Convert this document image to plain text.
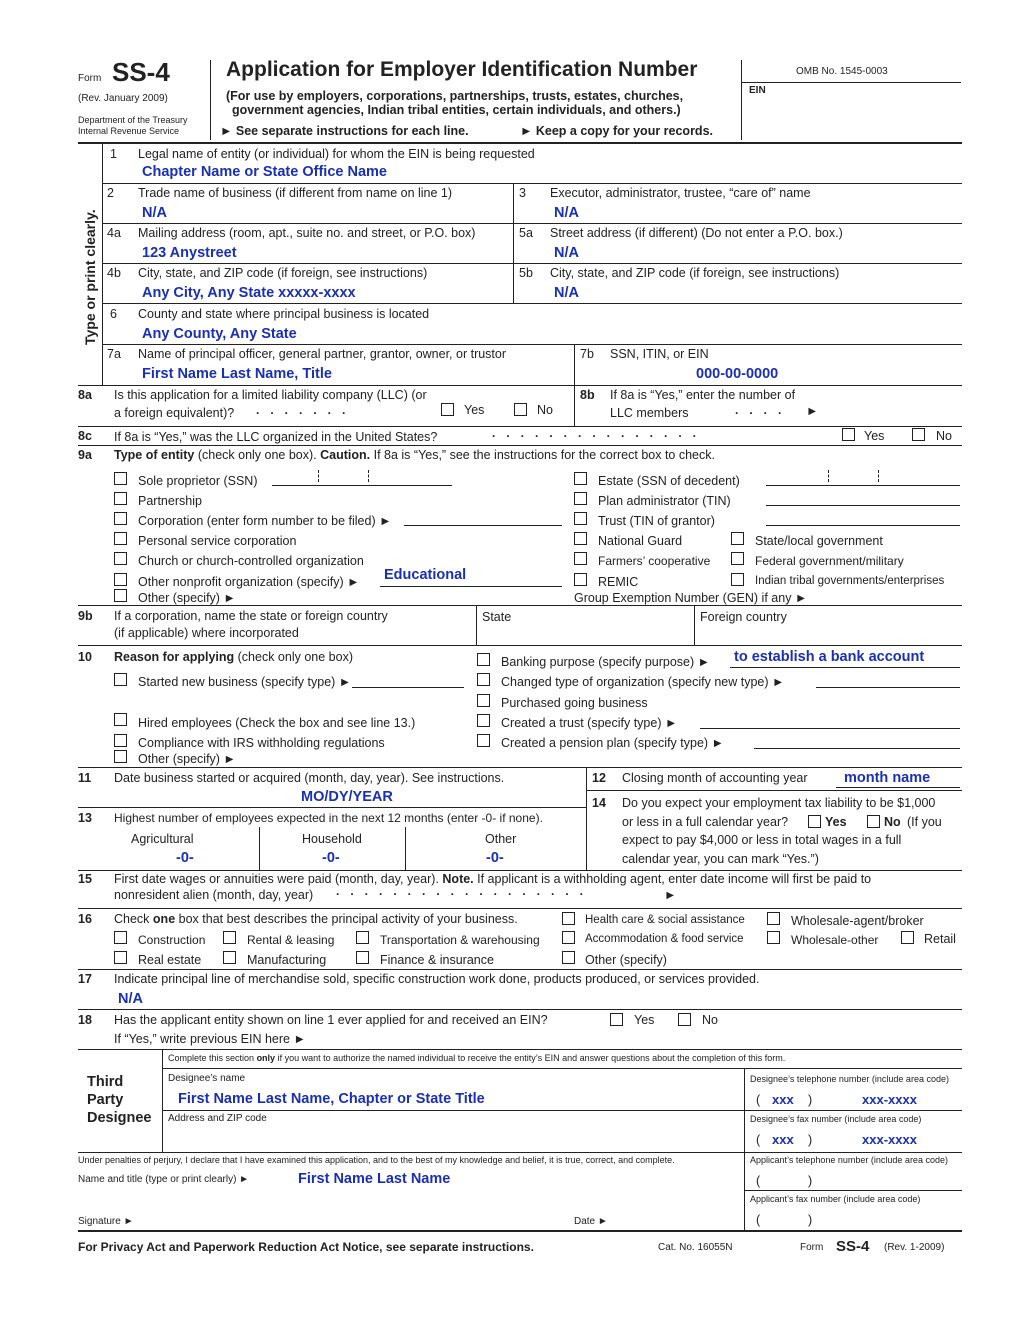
Form SS-4
(Rev. January 2009)
Department of the Treasury
Internal Revenue Service
Application for Employer Identification Number
(For use by employers, corporations, partnerships, trusts, estates, churches,
government agencies, Indian tribal entities, certain individuals, and others.)
► See separate instructions for each line.	► Keep a copy for your records.
OMB No. 1545-0003
EIN
Type or print clearly.
1 Legal name of entity (or individual) for whom the EIN is being requested
Chapter Name or State Office Name
2 Trade name of business (if different from name on line 1)
N/A
3 Executor, administrator, trustee, “care of” name
N/A
4a Mailing address (room, apt., suite no. and street, or P.O. box)
123 Anystreet
5a Street address (if different) (Do not enter a P.O. box.)
N/A
4b City, state, and ZIP code (if foreign, see instructions)
Any City, Any State xxxxx-xxxx
5b City, state, and ZIP code (if foreign, see instructions)
N/A
6 County and state where principal business is located
Any County, Any State
7a Name of principal officer, general partner, grantor, owner, or trustor
First Name Last Name, Title
7b SSN, ITIN, or EIN
000-00-0000
8a Is this application for a limited liability company (LLC) (or
a foreign equivalent)? .......	Yes	No
8b If 8a is “Yes,” enter the number of
LLC members	.... ►
8c If 8a is “Yes,” was the LLC organized in the United States?	...............	Yes	No
9a Type of entity (check only one box). Caution. If 8a is “Yes,” see the instructions for the correct box to check.
Sole proprietor (SSN)
Partnership
Corporation (enter form number to be filed) ►
Personal service corporation
Church or church-controlled organization
Other nonprofit organization (specify) ► Educational
Other (specify) ►
Estate (SSN of decedent)
Plan administrator (TIN)
Trust (TIN of grantor)
National Guard	State/local government
Farmers’ cooperative	Federal government/military
REMIC	Indian tribal governments/enterprises
Group Exemption Number (GEN) if any ►
9b If a corporation, name the state or foreign country
(if applicable) where incorporated
State	Foreign country
10 Reason for applying (check only one box)
Started new business (specify type) ►
Hired employees (Check the box and see line 13.)
Compliance with IRS withholding regulations
Other (specify) ►
Banking purpose (specify purpose) ► to establish a bank account
Changed type of organization (specify new type) ►
Purchased going business
Created a trust (specify type) ►
Created a pension plan (specify type) ►
11 Date business started or acquired (month, day, year). See instructions.
MO/DY/YEAR
12 Closing month of accounting year	month name
13 Highest number of employees expected in the next 12 months (enter -0- if none).
Agricultural	Household	Other
-0-	-0-	-0-
14 Do you expect your employment tax liability to be $1,000
or less in a full calendar year?	Yes	No (If you
expect to pay $4,000 or less in total wages in a full
calendar year, you can mark “Yes.”)
15 First date wages or annuities were paid (month, day, year). Note. If applicant is a withholding agent, enter date income will first be paid to
nonresident alien (month, day, year) ..................	►
16 Check one box that best describes the principal activity of your business.
Construction	Rental & leasing	Transportation & warehousing
Real estate	Manufacturing	Finance & insurance
Health care & social assistance
Accommodation & food service
Other (specify)
Wholesale-agent/broker
Wholesale-other	Retail
17 Indicate principal line of merchandise sold, specific construction work done, products produced, or services provided.
N/A
18 Has the applicant entity shown on line 1 ever applied for and received an EIN?	Yes	No
If “Yes,” write previous EIN here ►
Complete this section only if you want to authorize the named individual to receive the entity’s EIN and answer questions about the completion of this form.
Third
Party
Designee
Designee’s name
First Name Last Name, Chapter or State Title
Designee’s telephone number (include area code)
( xxx )	xxx-xxxx
Address and ZIP code	Designee’s fax number (include area code)
( xxx )	xxx-xxxx
Under penalties of perjury, I declare that I have examined this application, and to the best of my knowledge and belief, it is true, correct, and complete.
Name and title (type or print clearly) ►	First Name Last Name
Applicant’s telephone number (include area code)
(	)
Applicant’s fax number (include area code)
(	)
Signature ►	Date ►
For Privacy Act and Paperwork Reduction Act Notice, see separate instructions.	Cat. No. 16055N	Form SS-4 (Rev. 1-2009)
